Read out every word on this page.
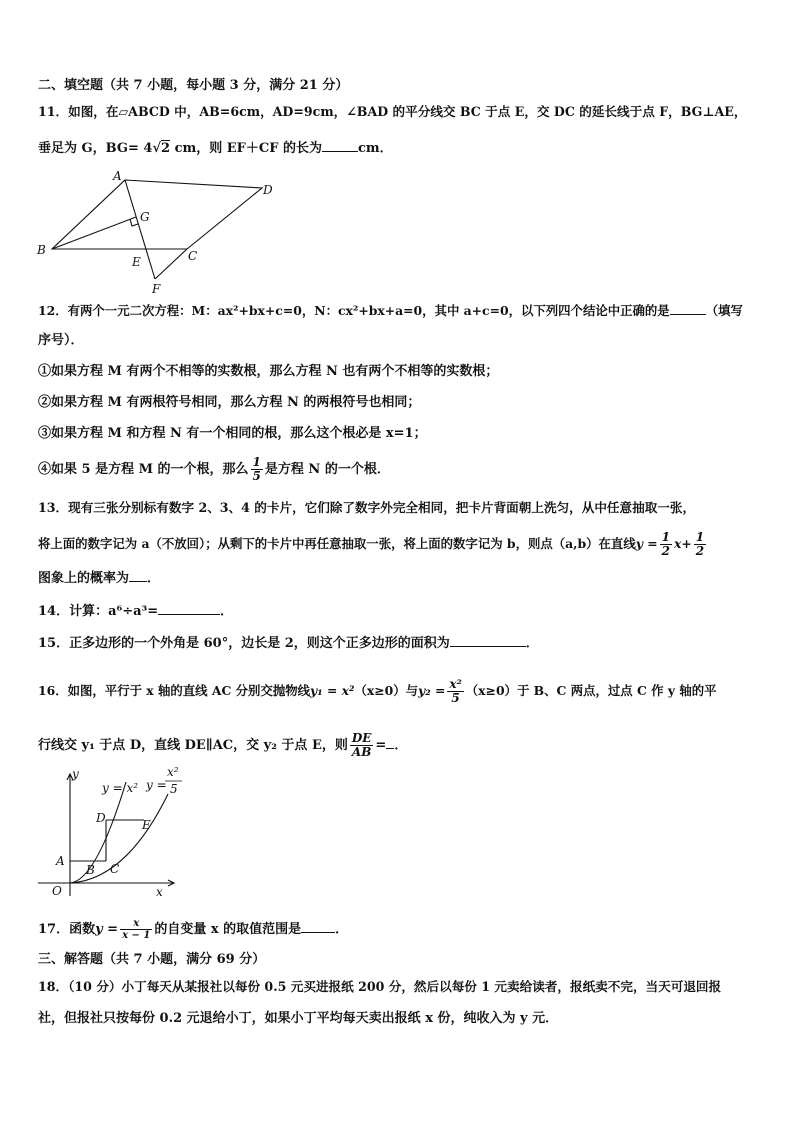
二、填空题（共 7 小题，每小题 3 分，满分 21 分）
11．如图，在▱ABCD 中，AB=6cm，AD=9cm，∠BAD 的平分线交 BC 于点 E，交 DC 的延长线于点 F，BG⊥AE，
垂足为 G，BG= 4√2 cm，则 EF＋CF 的长为	cm．
A
D
G
B
E	C
F
12．有两个一元二次方程：M：ax²+bx+c=0，N：cx²+bx+a=0，其中 a+c=0，以下列四个结论中正确的是	（填写
序号）．
①如果方程 M 有两个不相等的实数根，那么方程 N 也有两个不相等的实数根；
②如果方程 M 有两根符号相同，那么方程 N 的两根符号也相同；
③如果方程 M 和方程 N 有一个相同的根，那么这个根必是 x=1；
④如果 5 是方程 M 的一个根，那么 $\frac{1}{5}$ 是方程 N 的一个根．
13．现有三张分别标有数字 2、3、4 的卡片，它们除了数字外完全相同，把卡片背面朝上洗匀，从中任意抽取一张，
将上面的数字记为 a（不放回）；从剩下的卡片中再任意抽取一张，将上面的数字记为 b，则点（a,b）在直线$y = \frac{1}{2} x+ \frac{1}{2}$
图象上的概率为 ．
14．计算：a⁶÷a³=	．
15．正多边形的一个外角是 60°，边长是 2，则这个正多边形的面积为	．
16．如图，平行于 x 轴的直线 AC 分别交抛物线y₁ = x²（x≥0）与$y_2 = \frac{\text{x²}}{5} (x\ge 0)$于 B、C 两点，过点 C 作 y 轴的平
行线交 y₁ 于点 D，直线 DE∥AC，交 y₂ 于点 E，则 $\frac{DE}{AB}$ = ．
y
x
O
A
B C
D	E
y = x² y =
x²
5
17．函数$y = \frac{x}{x - 1}$ 的自变量 x 的取值范围是	．
三、解答题（共 7 小题，满分 69 分）
18．（10 分）小丁每天从某报社以每份 0.5 元买进报纸 200 分，然后以每份 1 元卖给读者，报纸卖不完，当天可退回报
社，但报社只按每份 0.2 元退给小丁，如果小丁平均每天卖出报纸 x 份，纯收入为 y 元．
